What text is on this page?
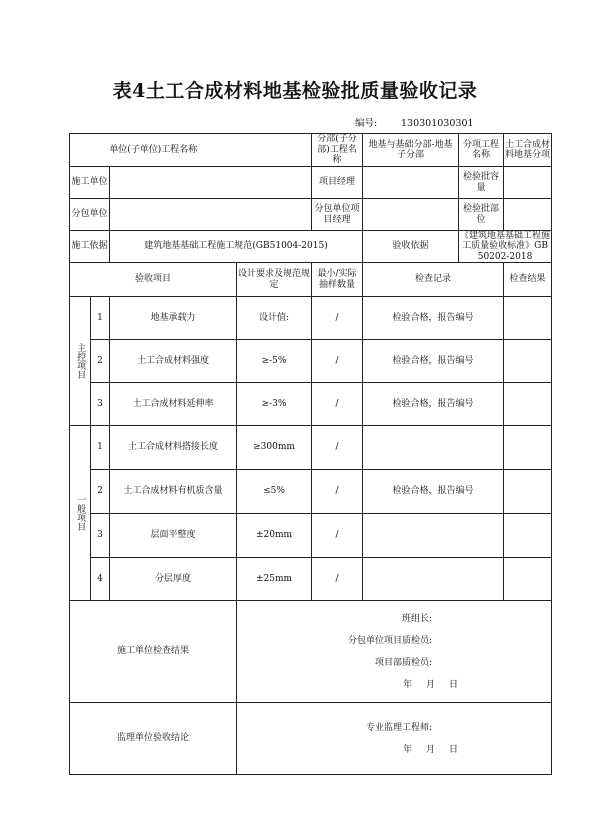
表4土工合成材料地基检验批质量验收记录
编号:	130301030301
单位(子单位)工程名称				分部(子分部)工程名称	地基与基础分部-地基子分部	分项工程名称	土工合成材料地基分项
施工单位				项目经理		检验批容量	
分包单位				分包单位项目经理		检验批部位	
施工依据		建筑地基基础工程施工规范(GB51004-2015)			验收依据	《建筑地基基础工程施工质量验收标准》GB 50202-2018	
验收项目			设计要求及规范规定	最小/实际抽样数量	检查记录		检查结果
主控项目	1	地基承载力	设计值:	/	检验合格，报告编号		
	2	土工合成材料强度	≥-5%	/	检验合格，报告编号		
	3	土工合成材料延伸率	≥-3%	/	检验合格，报告编号		
一般项目	1	土工合成材料搭接长度	≥300mm	/			
	2	土工合成材料有机质含量	≤5%	/	检验合格，报告编号		
	3	层面平整度	±20mm	/			
	4	分层厚度	±25mm	/			
施工单位检查结果			班组长:
分包单位项目质检员:
项目部质检员:
年 月 日				

监理单位验收结论			专业监理工程师:
年 月 日				
